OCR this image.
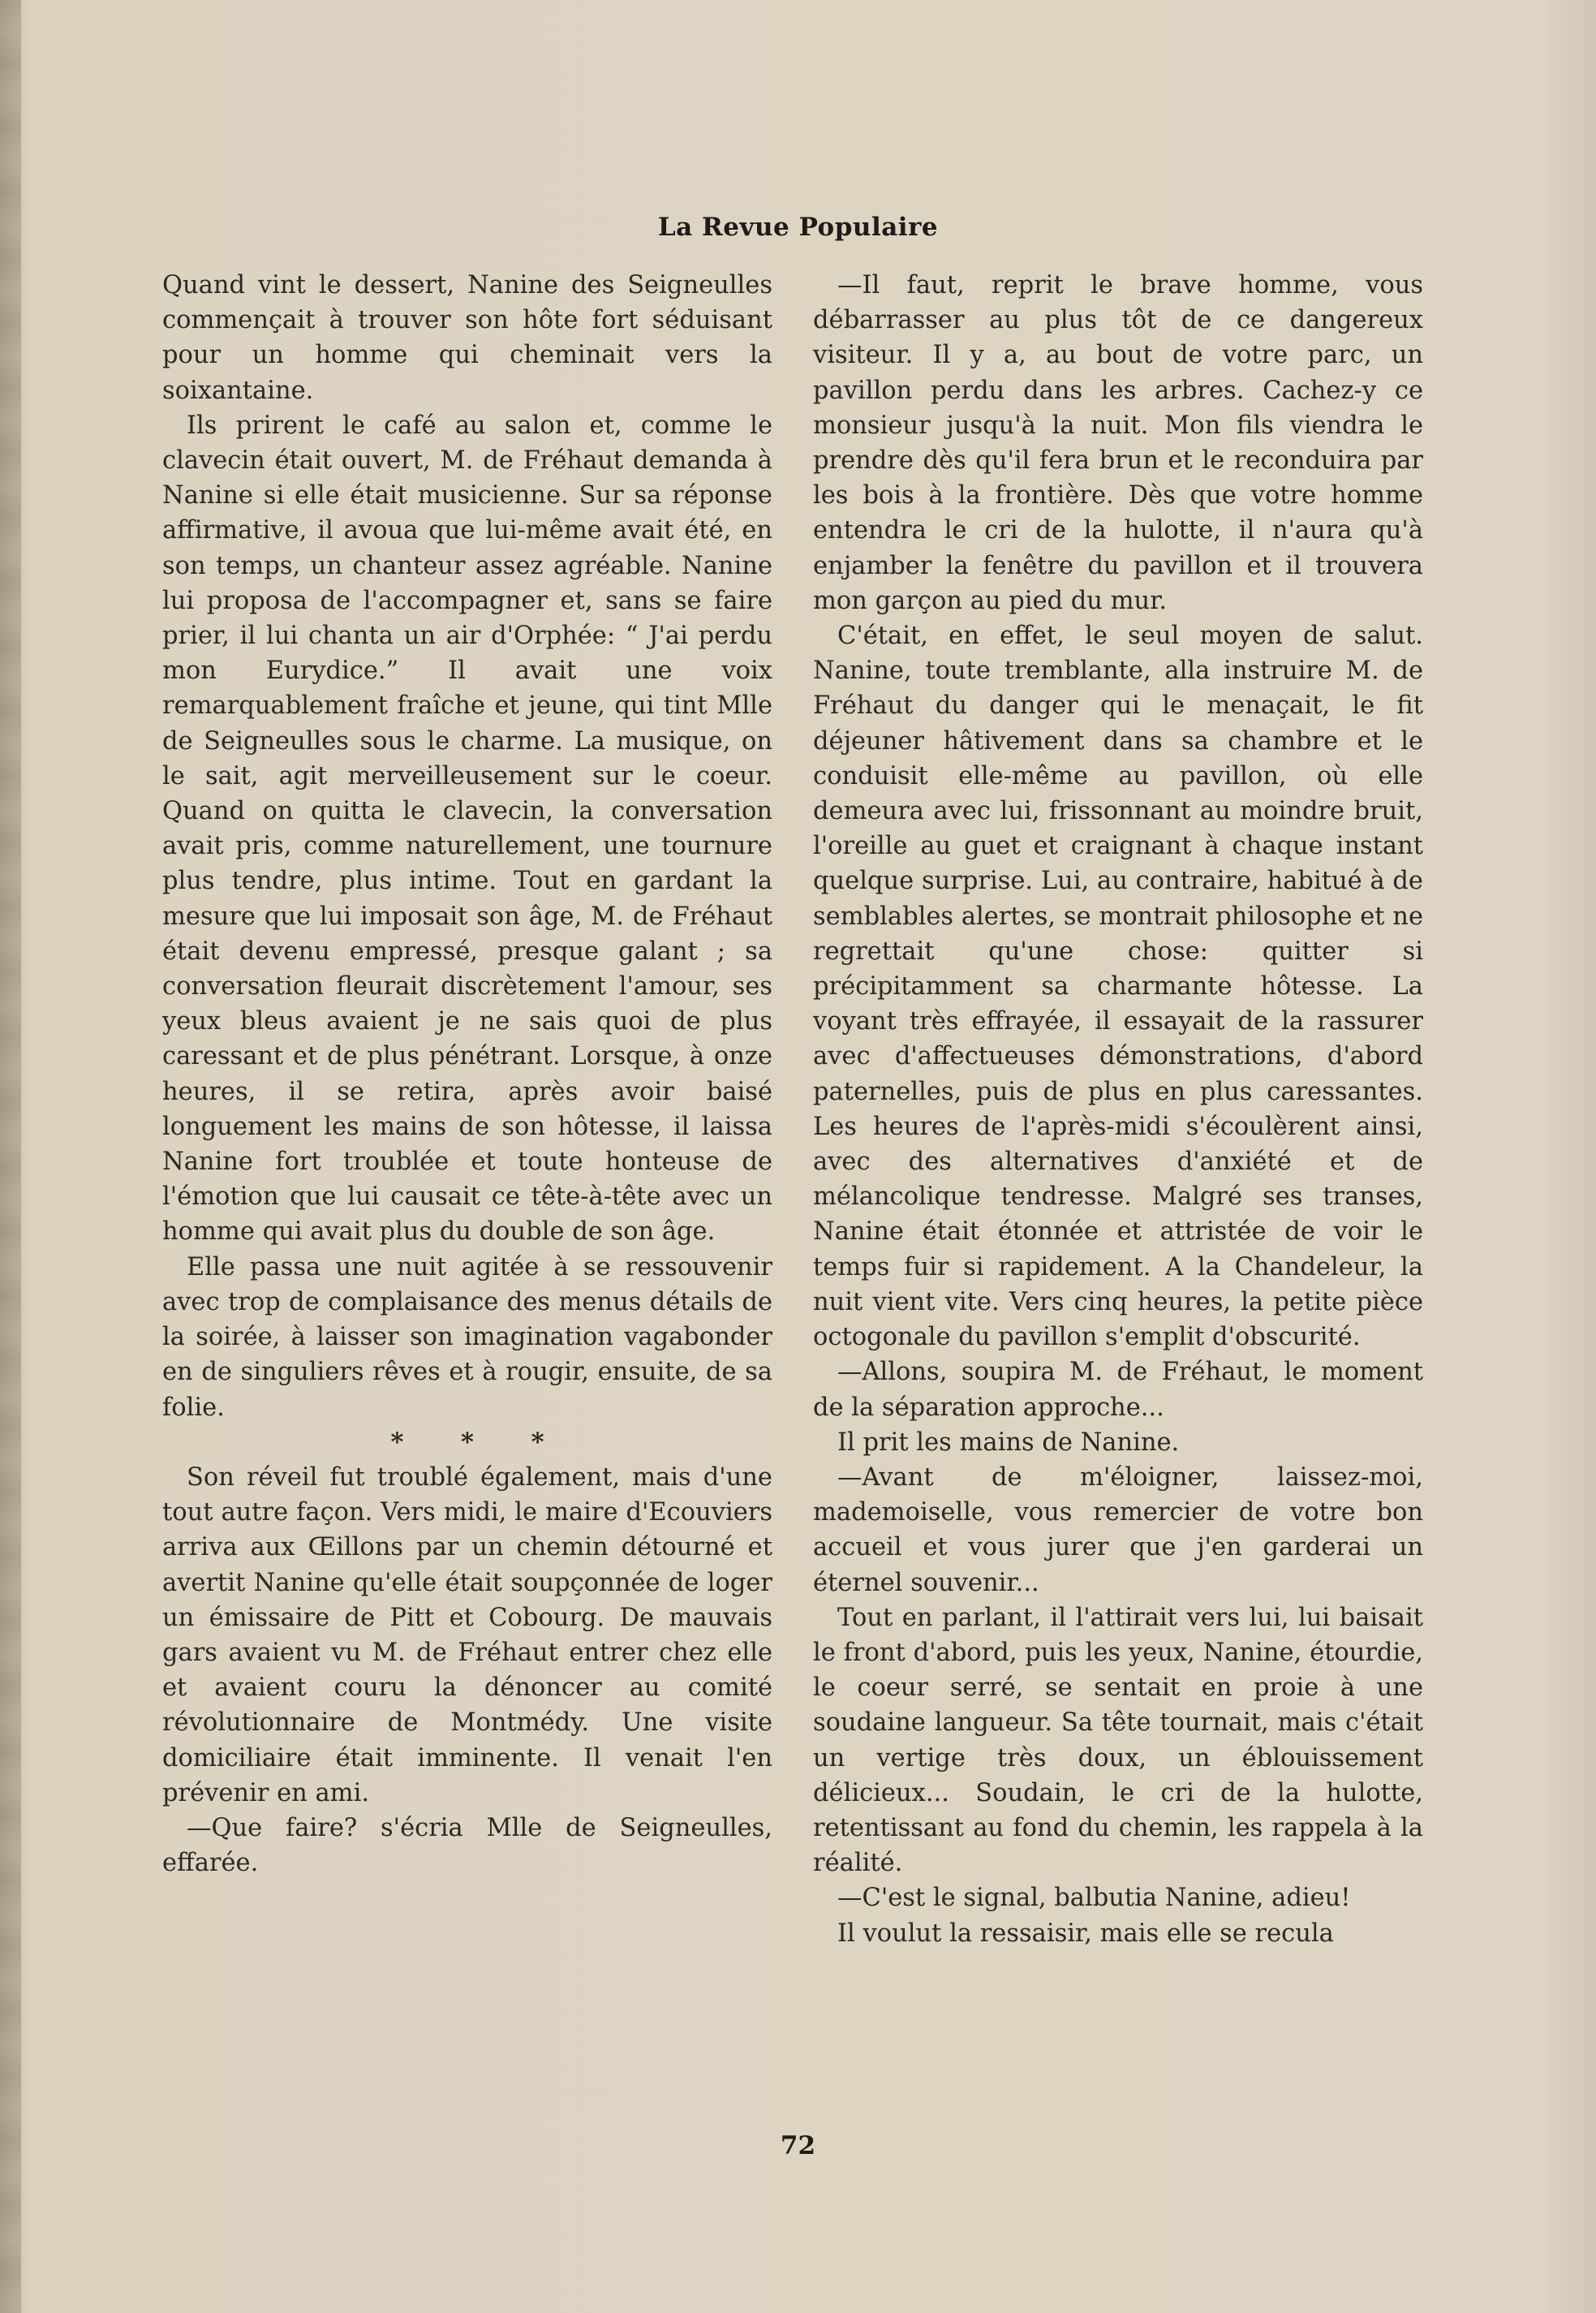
La Revue Populaire

Quand vint le dessert, Nanine des Seigneulles commençait à trouver son hôte fort séduisant pour un homme qui cheminait vers la soixantaine.

Ils prirent le café au salon et, comme le clavecin était ouvert, M. de Fréhaut demanda à Nanine si elle était musicienne. Sur sa réponse affirmative, il avoua que lui-même avait été, en son temps, un chanteur assez agréable. Nanine lui proposa de l'accompagner et, sans se faire prier, il lui chanta un air d'Orphée: “ J'ai perdu mon Eurydice.” Il avait une voix remarquablement fraîche et jeune, qui tint Mlle de Seigneulles sous le charme. La musique, on le sait, agit merveilleusement sur le coeur. Quand on quitta le clavecin, la conversation avait pris, comme naturellement, une tournure plus tendre, plus intime. Tout en gardant la mesure que lui imposait son âge, M. de Fréhaut était devenu empressé, presque galant ; sa conversation fleurait discrètement l'amour, ses yeux bleus avaient je ne sais quoi de plus caressant et de plus pénétrant. Lorsque, à onze heures, il se retira, après avoir baisé longuement les mains de son hôtesse, il laissa Nanine fort troublée et toute honteuse de l'émotion que lui causait ce tête-à-tête avec un homme qui avait plus du double de son âge.

Elle passa une nuit agitée à se ressouvenir avec trop de complaisance des menus détails de la soirée, à laisser son imagination vagabonder en de singuliers rêves et à rougir, ensuite, de sa folie.

* * *

Son réveil fut troublé également, mais d'une tout autre façon. Vers midi, le maire d'Ecouviers arriva aux Œillons par un chemin détourné et avertit Nanine qu'elle était soupçonnée de loger un émissaire de Pitt et Cobourg. De mauvais gars avaient vu M. de Fréhaut entrer chez elle et avaient couru la dénoncer au comité révolutionnaire de Montmédy. Une visite domiciliaire était imminente. Il venait l'en prévenir en ami.

—Que faire? s'écria Mlle de Seigneulles, effarée.

—Il faut, reprit le brave homme, vous débarrasser au plus tôt de ce dangereux visiteur. Il y a, au bout de votre parc, un pavillon perdu dans les arbres. Cachez-y ce monsieur jusqu'à la nuit. Mon fils viendra le prendre dès qu'il fera brun et le reconduira par les bois à la frontière. Dès que votre homme entendra le cri de la hulotte, il n'aura qu'à enjamber la fenêtre du pavillon et il trouvera mon garçon au pied du mur.

C'était, en effet, le seul moyen de salut. Nanine, toute tremblante, alla instruire M. de Fréhaut du danger qui le menaçait, le fit déjeuner hâtivement dans sa chambre et le conduisit elle-même au pavillon, où elle demeura avec lui, frissonnant au moindre bruit, l'oreille au guet et craignant à chaque instant quelque surprise. Lui, au contraire, habitué à de semblables alertes, se montrait philosophe et ne regrettait qu'une chose: quitter si précipitamment sa charmante hôtesse. La voyant très effrayée, il essayait de la rassurer avec d'affectueuses démonstrations, d'abord paternelles, puis de plus en plus caressantes. Les heures de l'après-midi s'écoulèrent ainsi, avec des alternatives d'anxiété et de mélancolique tendresse. Malgré ses transes, Nanine était étonnée et attristée de voir le temps fuir si rapidement. A la Chandeleur, la nuit vient vite. Vers cinq heures, la petite pièce octogonale du pavillon s'emplit d'obscurité.

—Allons, soupira M. de Fréhaut, le moment de la séparation approche...

Il prit les mains de Nanine.

—Avant de m'éloigner, laissez-moi, mademoiselle, vous remercier de votre bon accueil et vous jurer que j'en garderai un éternel souvenir...

Tout en parlant, il l'attirait vers lui, lui baisait le front d'abord, puis les yeux, Nanine, étourdie, le coeur serré, se sentait en proie à une soudaine langueur. Sa tête tournait, mais c'était un vertige très doux, un éblouissement délicieux... Soudain, le cri de la hulotte, retentissant au fond du chemin, les rappela à la réalité.

—C'est le signal, balbutia Nanine, adieu!

Il voulut la ressaisir, mais elle se recula

72
